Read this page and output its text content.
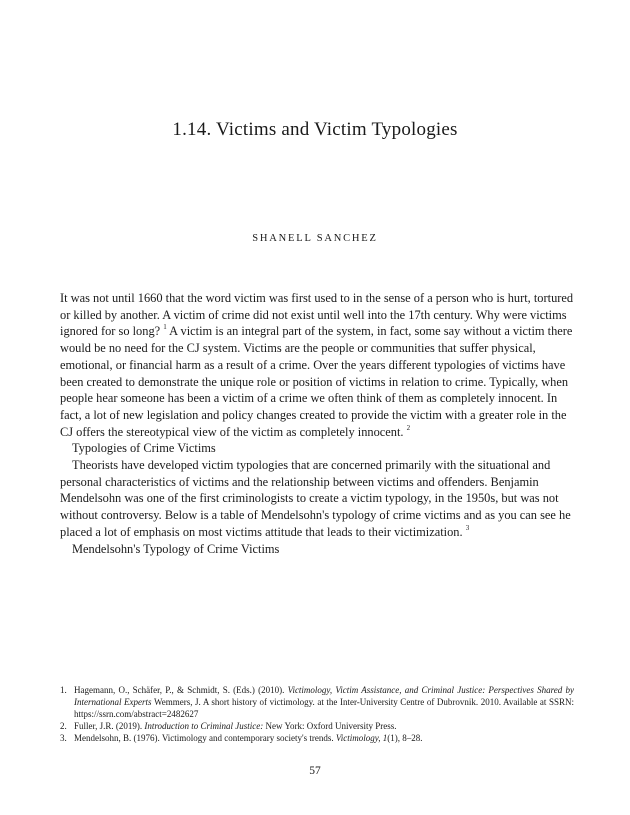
1.14. Victims and Victim Typologies
SHANELL SANCHEZ

It was not until 1660 that the word victim was first used to in the sense of a person who is hurt, tortured or killed by another. A victim of crime did not exist until well into the 17th century. Why were victims ignored for so long? $^1$ A victim is an integral part of the system, in fact, some say without a victim there would be no need for the CJ system. Victims are the people or communities that suffer physical, emotional, or financial harm as a result of a crime. Over the years different typologies of victims have been created to demonstrate the unique role or position of victims in relation to crime. Typically, when people hear someone has been a victim of a crime we often think of them as completely innocent. In fact, a lot of new legislation and policy changes created to provide the victim with a greater role in the CJ offers the stereotypical view of the victim as completely innocent. $^2$

Typologies of Crime Victims

Theorists have developed victim typologies that are concerned primarily with the situational and personal characteristics of victims and the relationship between victims and offenders. Benjamin Mendelsohn was one of the first criminologists to create a victim typology, in the 1950s, but was not without controversy. Below is a table of Mendelsohn's typology of crime victims and as you can see he placed a lot of emphasis on most victims attitude that leads to their victimization. $^3$

Mendelsohn's Typology of Crime Victims

1. Hagemann, O., Schäfer, P., & Schmidt, S. (Eds.) (2010). Victimology, Victim Assistance, and Criminal Justice: Perspectives Shared by International Experts Wemmers, J. A short history of victimology. at the Inter-University Centre of Dubrovnik. 2010. Available at SSRN: https://ssrn.com/abstract=2482627
2. Fuller, J.R. (2019). Introduction to Criminal Justice: New York: Oxford University Press.
3. Mendelsohn, B. (1976). Victimology and contemporary society's trends. Victimology, 1(1), 8–28.
57
